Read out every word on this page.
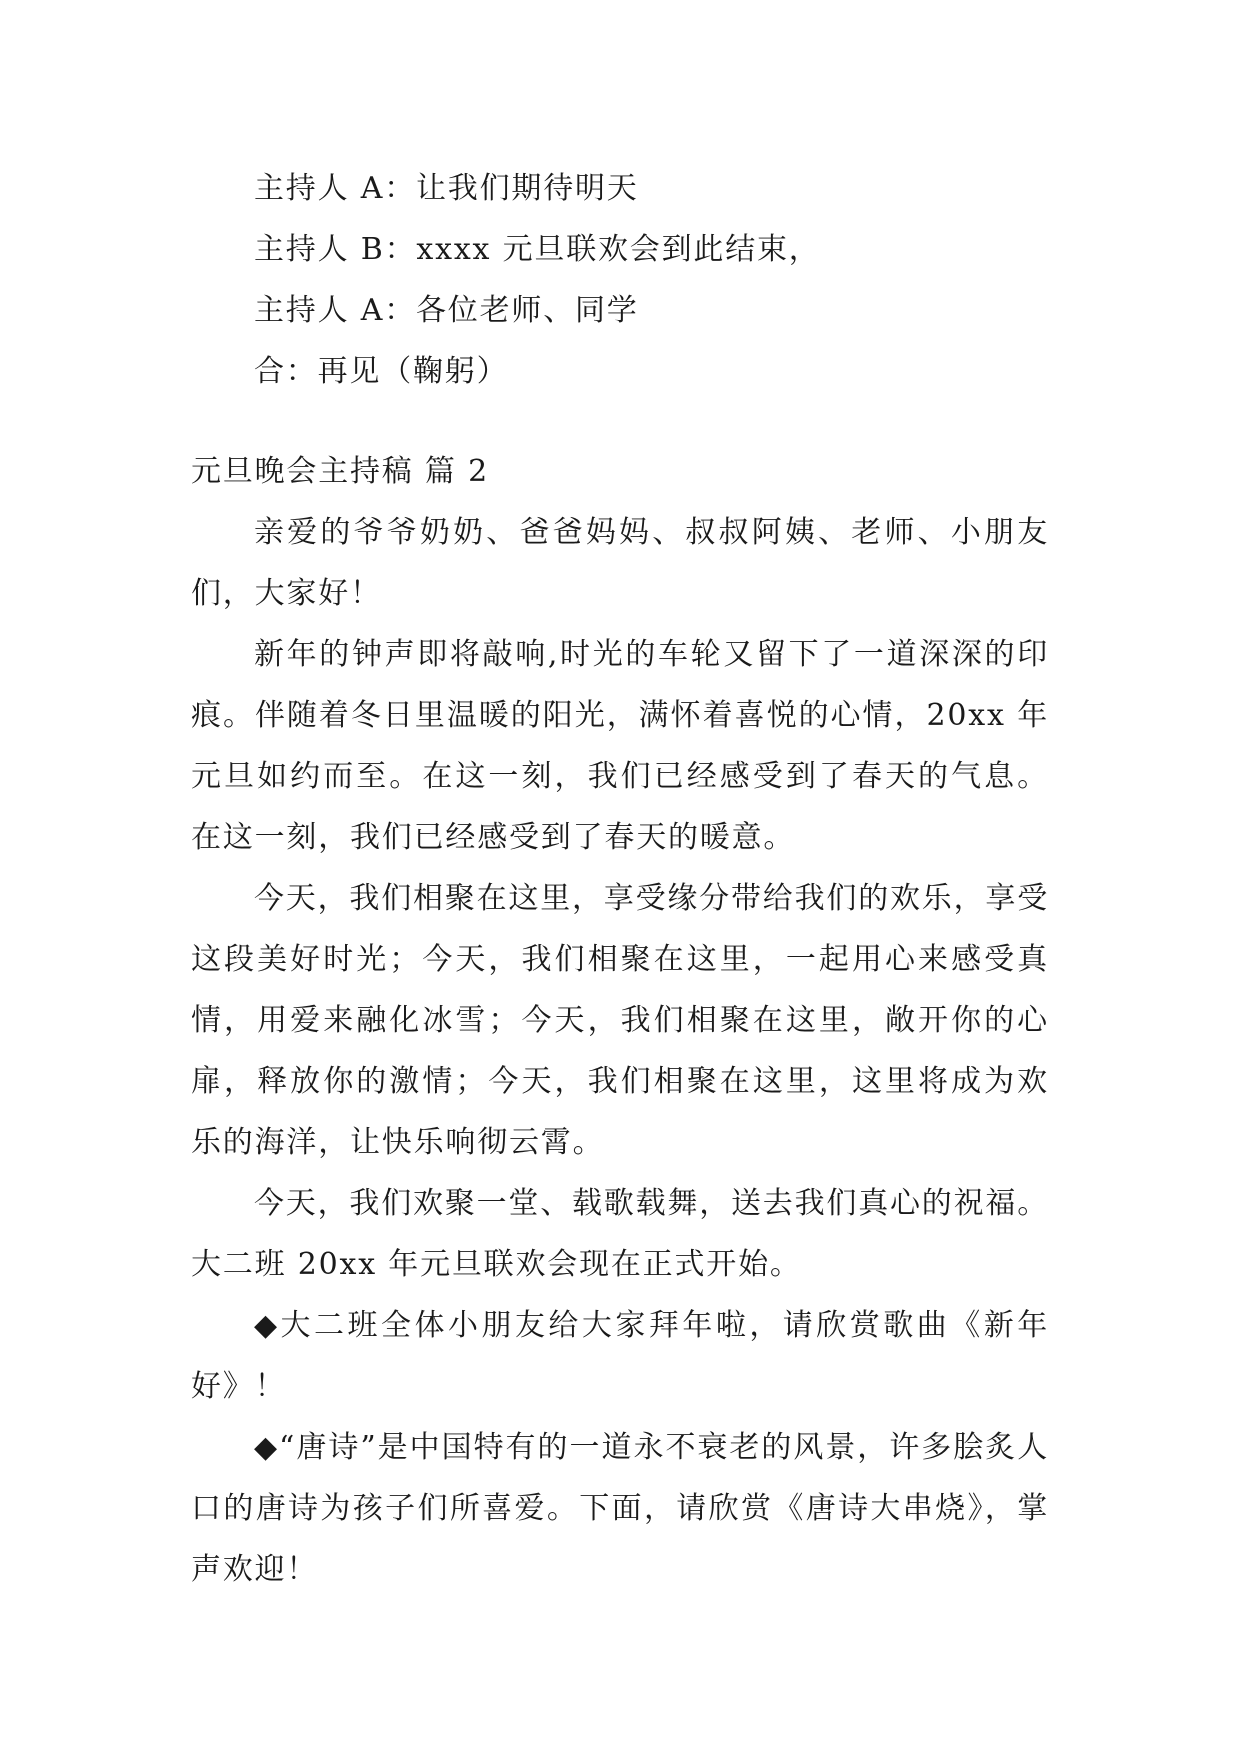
主持人 A：让我们期待明天

主持人 B：xxxx 元旦联欢会到此结束，

主持人 A：各位老师、同学

合：再见（鞠躬）

元旦晚会主持稿 篇 2

亲爱的爷爷奶奶、爸爸妈妈、叔叔阿姨、老师、小朋友们，大家好！

新年的钟声即将敲响,时光的车轮又留下了一道深深的印痕。伴随着冬日里温暖的阳光，满怀着喜悦的心情，20xx 年元旦如约而至。在这一刻，我们已经感受到了春天的气息。在这一刻，我们已经感受到了春天的暖意。

今天，我们相聚在这里，享受缘分带给我们的欢乐，享受这段美好时光；今天，我们相聚在这里，一起用心来感受真情，用爱来融化冰雪；今天，我们相聚在这里，敞开你的心扉，释放你的激情；今天，我们相聚在这里，这里将成为欢乐的海洋，让快乐响彻云霄。

今天，我们欢聚一堂、载歌载舞，送去我们真心的祝福。大二班 20xx 年元旦联欢会现在正式开始。

◆大二班全体小朋友给大家拜年啦，请欣赏歌曲《新年好》！

◆“唐诗”是中国特有的一道永不衰老的风景，许多脍炙人口的唐诗为孩子们所喜爱。下面，请欣赏《唐诗大串烧》，掌声欢迎！
